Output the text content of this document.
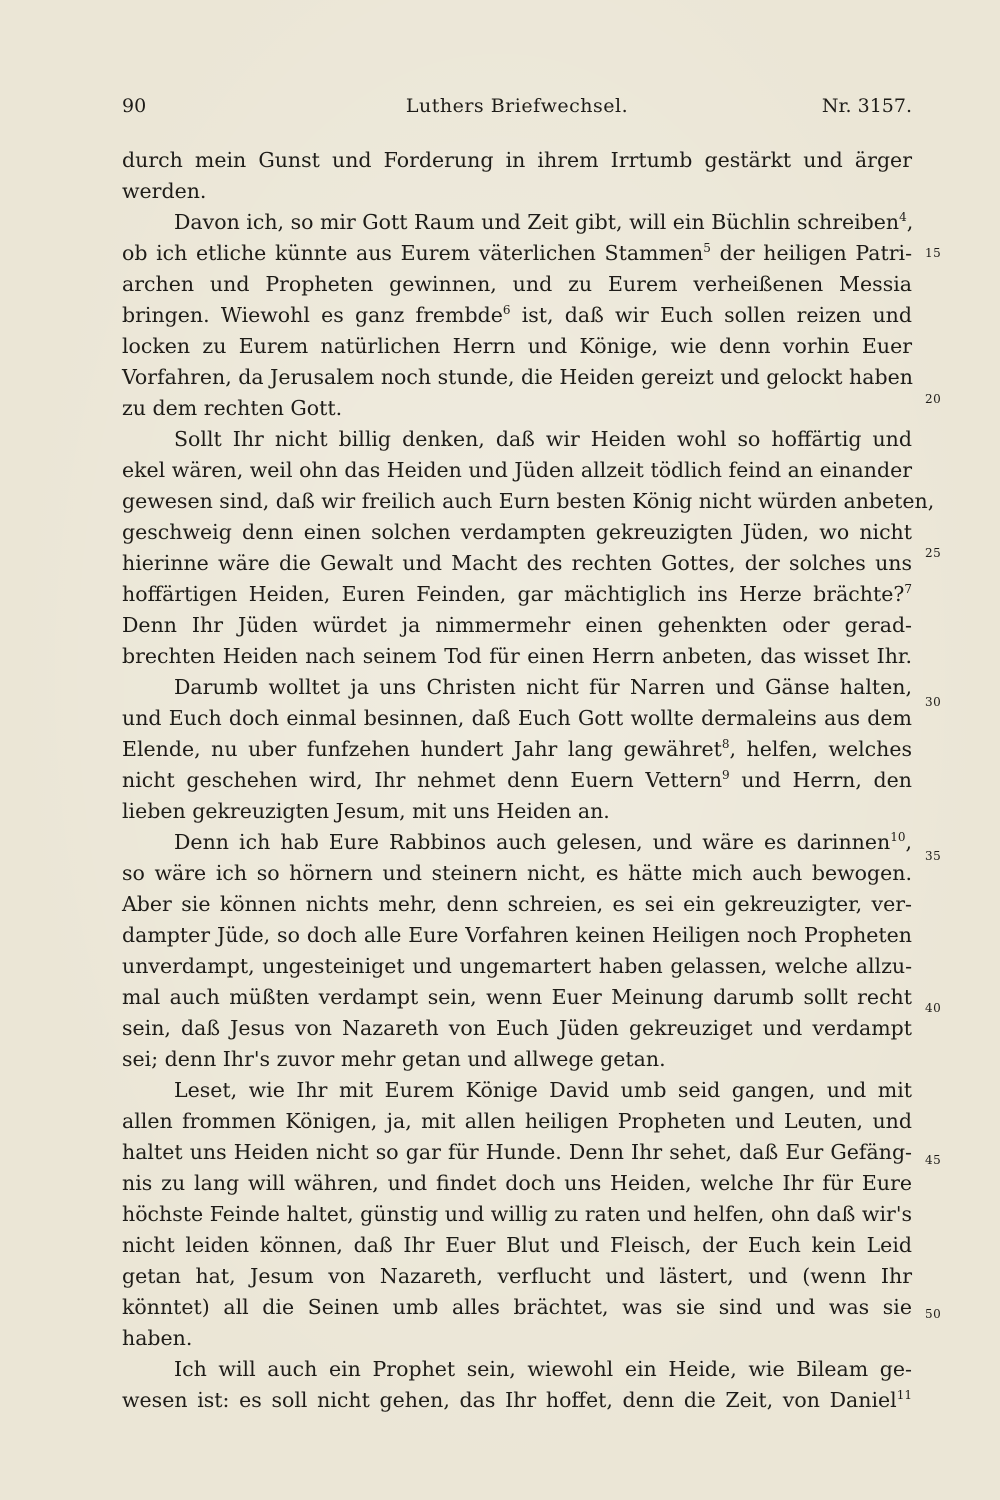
90	Luthers Briefwechsel.	Nr. 3157.
durch mein Gunst und Forderung in ihrem Irrtumb gestärkt und ärger
werden.
Davon ich, so mir Gott Raum und Zeit gibt, will ein Büchlin schreiben$^4$,
ob ich etliche künnte aus Eurem väterlichen Stammen$^5$ der heiligen Patri-
archen und Propheten gewinnen, und zu Eurem verheißenen Messia
bringen. Wiewohl es ganz frembde$^6$ ist, daß wir Euch sollen reizen und
locken zu Eurem natürlichen Herrn und Könige, wie denn vorhin Euer
Vorfahren, da Jerusalem noch stunde, die Heiden gereizt und gelockt haben
zu dem rechten Gott.
Sollt Ihr nicht billig denken, daß wir Heiden wohl so hoffärtig und
ekel wären, weil ohn das Heiden und Jüden allzeit tödlich feind an einander
gewesen sind, daß wir freilich auch Eurn besten König nicht würden anbeten,
geschweig denn einen solchen verdampten gekreuzigten Jüden, wo nicht
hierinne wäre die Gewalt und Macht des rechten Gottes, der solches uns
hoffärtigen Heiden, Euren Feinden, gar mächtiglich ins Herze brächte?$^7$
Denn Ihr Jüden würdet ja nimmermehr einen gehenkten oder gerad-
brechten Heiden nach seinem Tod für einen Herrn anbeten, das wisset Ihr.
Darumb wolltet ja uns Christen nicht für Narren und Gänse halten,
und Euch doch einmal besinnen, daß Euch Gott wollte dermaleins aus dem
Elende, nu uber funfzehen hundert Jahr lang gewähret$^8$, helfen, welches
nicht geschehen wird, Ihr nehmet denn Euern Vettern$^9$ und Herrn, den
lieben gekreuzigten Jesum, mit uns Heiden an.
Denn ich hab Eure Rabbinos auch gelesen, und wäre es darinnen$^{10}$,
so wäre ich so hörnern und steinern nicht, es hätte mich auch bewogen.
Aber sie können nichts mehr, denn schreien, es sei ein gekreuzigter, ver-
dampter Jüde, so doch alle Eure Vorfahren keinen Heiligen noch Propheten
unverdampt, ungesteiniget und ungemartert haben gelassen, welche allzu-
mal auch müßten verdampt sein, wenn Euer Meinung darumb sollt recht
sein, daß Jesus von Nazareth von Euch Jüden gekreuziget und verdampt
sei; denn Ihr's zuvor mehr getan und allwege getan.
Leset, wie Ihr mit Eurem Könige David umb seid gangen, und mit
allen frommen Königen, ja, mit allen heiligen Propheten und Leuten, und
haltet uns Heiden nicht so gar für Hunde. Denn Ihr sehet, daß Eur Gefäng-
nis zu lang will währen, und findet doch uns Heiden, welche Ihr für Eure
höchste Feinde haltet, günstig und willig zu raten und helfen, ohn daß wir's
nicht leiden können, daß Ihr Euer Blut und Fleisch, der Euch kein Leid
getan hat, Jesum von Nazareth, verflucht und lästert, und (wenn Ihr
könntet) all die Seinen umb alles brächtet, was sie sind und was sie
haben.
Ich will auch ein Prophet sein, wiewohl ein Heide, wie Bileam ge-
wesen ist: es soll nicht gehen, das Ihr hoffet, denn die Zeit, von Daniel$^{11}$
15
20
25
30
35
40
45
50
